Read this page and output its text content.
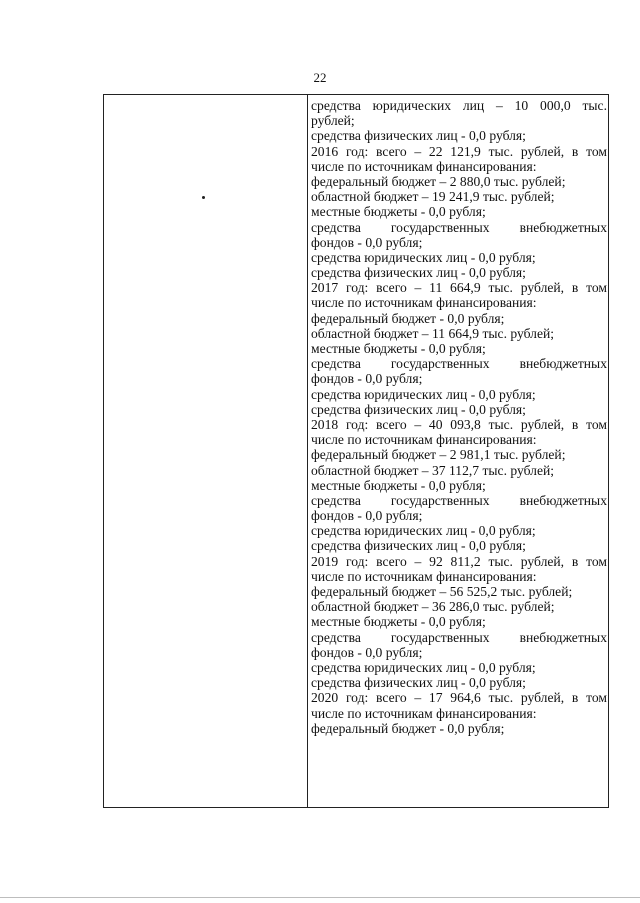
22
средства юридических лиц – 10 000,0 тыс.
рублей;
средства физических лиц - 0,0 рубля;
2016 год: всего – 22 121,9 тыс. рублей, в том
числе по источникам финансирования:
федеральный бюджет – 2 880,0 тыс. рублей;
областной бюджет – 19 241,9 тыс. рублей;
местные бюджеты - 0,0 рубля;
средства государственных внебюджетных
фондов - 0,0 рубля;
средства юридических лиц - 0,0 рубля;
средства физических лиц - 0,0 рубля;
2017 год: всего – 11 664,9 тыс. рублей, в том
числе по источникам финансирования:
федеральный бюджет - 0,0 рубля;
областной бюджет – 11 664,9 тыс. рублей;
местные бюджеты - 0,0 рубля;
средства государственных внебюджетных
фондов - 0,0 рубля;
средства юридических лиц - 0,0 рубля;
средства физических лиц - 0,0 рубля;
2018 год: всего – 40 093,8 тыс. рублей, в том
числе по источникам финансирования:
федеральный бюджет – 2 981,1 тыс. рублей;
областной бюджет – 37 112,7 тыс. рублей;
местные бюджеты - 0,0 рубля;
средства государственных внебюджетных
фондов - 0,0 рубля;
средства юридических лиц - 0,0 рубля;
средства физических лиц - 0,0 рубля;
2019 год: всего – 92 811,2 тыс. рублей, в том
числе по источникам финансирования:
федеральный бюджет – 56 525,2 тыс. рублей;
областной бюджет – 36 286,0 тыс. рублей;
местные бюджеты - 0,0 рубля;
средства государственных внебюджетных
фондов - 0,0 рубля;
средства юридических лиц - 0,0 рубля;
средства физических лиц - 0,0 рубля;
2020 год: всего – 17 964,6 тыс. рублей, в том
числе по источникам финансирования:
федеральный бюджет - 0,0 рубля;
